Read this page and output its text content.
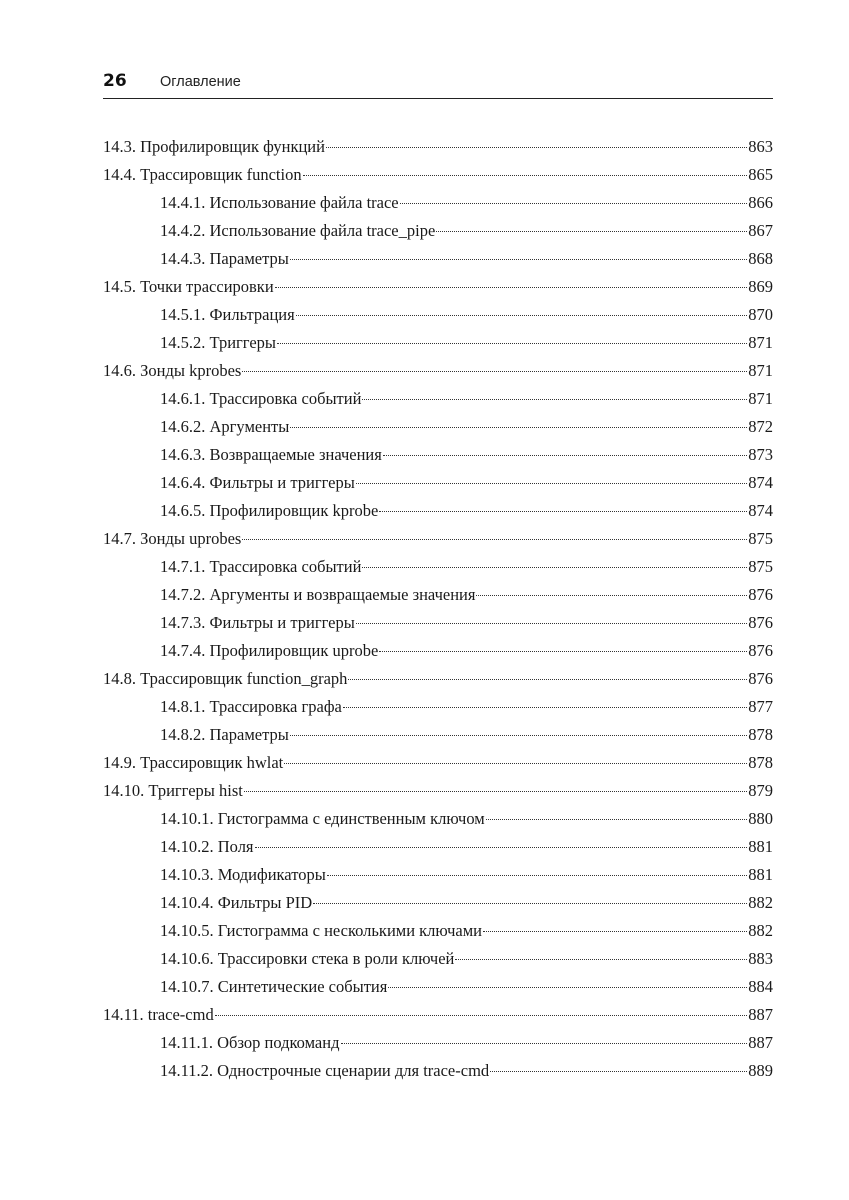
26 Оглавление
14.3. Профилировщик функций	863
14.4. Трассировщик function	865
14.4.1. Использование файла trace	866
14.4.2. Использование файла trace_pipe	867
14.4.3. Параметры	868
14.5. Точки трассировки	869
14.5.1. Фильтрация	870
14.5.2. Триггеры	871
14.6. Зонды kprobes	871
14.6.1. Трассировка событий	871
14.6.2. Аргументы	872
14.6.3. Возвращаемые значения	873
14.6.4. Фильтры и триггеры	874
14.6.5. Профилировщик kprobe	874
14.7. Зонды uprobes	875
14.7.1. Трассировка событий	875
14.7.2. Аргументы и возвращаемые значения	876
14.7.3. Фильтры и триггеры	876
14.7.4. Профилировщик uprobe	876
14.8. Трассировщик function_graph	876
14.8.1. Трассировка графа	877
14.8.2. Параметры	878
14.9. Трассировщик hwlat	878
14.10. Триггеры hist	879
14.10.1. Гистограмма с единственным ключом	880
14.10.2. Поля	881
14.10.3. Модификаторы	881
14.10.4. Фильтры PID	882
14.10.5. Гистограмма с несколькими ключами	882
14.10.6. Трассировки стека в роли ключей	883
14.10.7. Синтетические события	884
14.11. trace-cmd	887
14.11.1. Обзор подкоманд	887
14.11.2. Однострочные сценарии для trace-cmd	889
